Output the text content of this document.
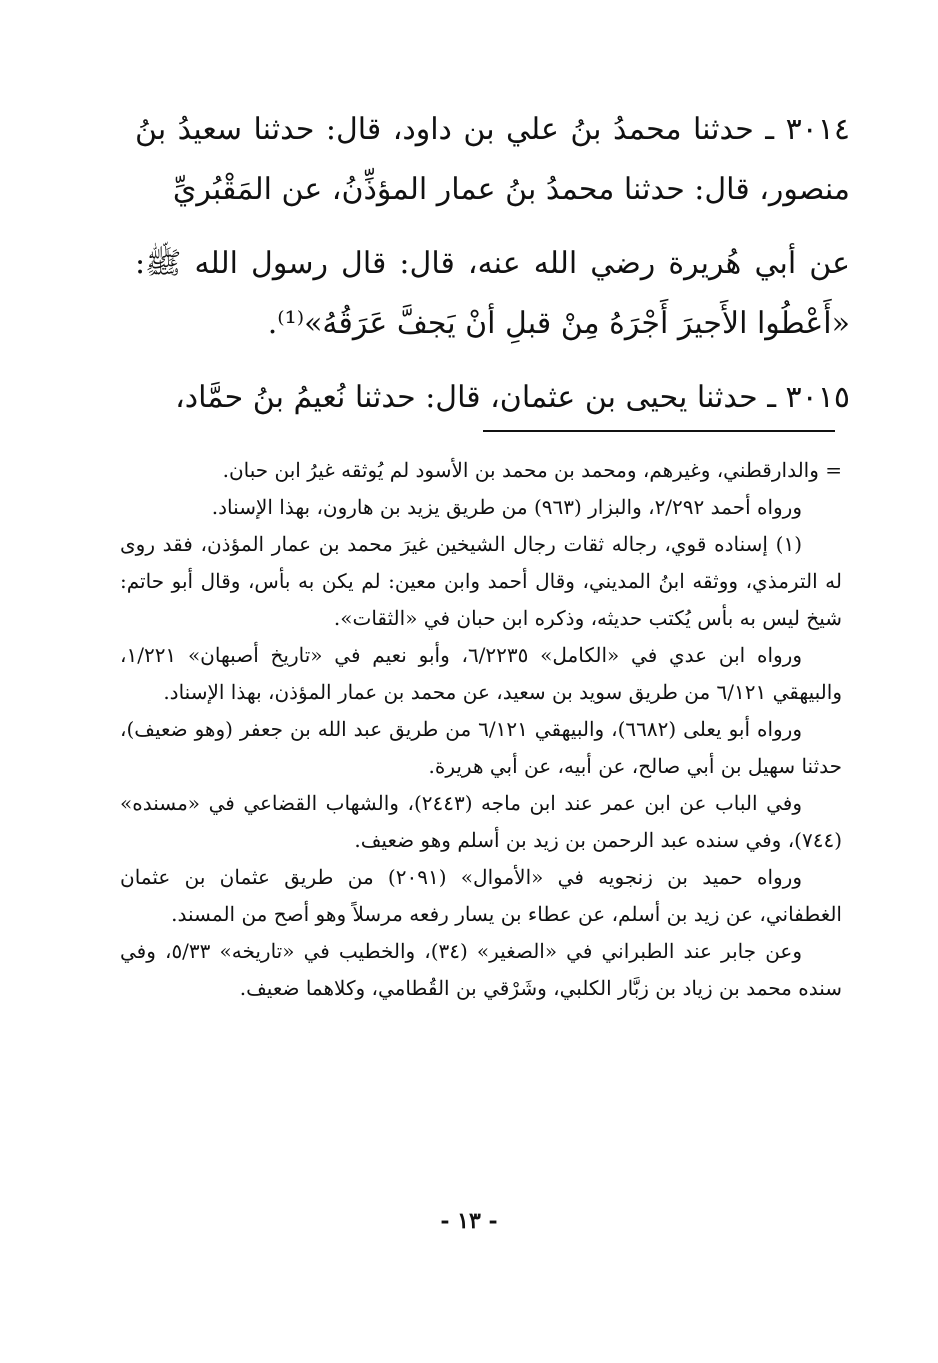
٣٠١٤ ـ حدثنا محمدُ بنُ علي بن داود، قال: حدثنا سعيدُ بنُ منصور، قال: حدثنا محمدُ بنُ عمار المؤذِّنُ، عن المَقْبُريِّ

عن أبي هُريرة رضي الله عنه، قال: قال رسول الله ﷺ: «أَعْطُوا الأَجيرَ أَجْرَهُ مِنْ قبلِ أنْ يَجفَّ عَرَقُهُ»⁽¹⁾.

٣٠١٥ ـ حدثنا يحيى بن عثمان، قال: حدثنا نُعيمُ بنُ حمَّاد،

= والدارقطني، وغيرهم، ومحمد بن محمد بن الأسود لم يُوثقه غيرُ ابن حبان.

ورواه أحمد ٢/٢٩٢، والبزار (٩٦٣) من طريق يزيد بن هارون، بهذا الإسناد.

(١) إسناده قوي، رجاله ثقات رجال الشيخين غيرَ محمد بن عمار المؤذن، فقد روى له الترمذي، ووثقه ابنُ المديني، وقال أحمد وابن معين: لم يكن به بأس، وقال أبو حاتم: شيخ ليس به بأس يُكتب حديثه، وذكره ابن حبان في «الثقات».

ورواه ابن عدي في «الكامل» ٦/٢٢٣٥، وأبو نعيم في «تاريخ أصبهان» ١/٢٢١، والبيهقي ٦/١٢١ من طريق سويد بن سعيد، عن محمد بن عمار المؤذن، بهذا الإسناد.

ورواه أبو يعلى (٦٦٨٢)، والبيهقي ٦/١٢١ من طريق عبد الله بن جعفر (وهو ضعيف)، حدثنا سهيل بن أبي صالح، عن أبيه، عن أبي هريرة.

وفي الباب عن ابن عمر عند ابن ماجه (٢٤٤٣)، والشهاب القضاعي في «مسنده» (٧٤٤)، وفي سنده عبد الرحمن بن زيد بن أسلم وهو ضعيف.

ورواه حميد بن زنجويه في «الأموال» (٢٠٩١) من طريق عثمان بن عثمان الغطفاني، عن زيد بن أسلم، عن عطاء بن يسار رفعه مرسلاً وهو أصح من المسند.

وعن جابر عند الطبراني في «الصغير» (٣٤)، والخطيب في «تاريخه» ٥/٣٣، وفي سنده محمد بن زياد بن زبَّار الكلبي، وشَرْقي بن القُطامي، وكلاهما ضعيف.

- ١٣ -
